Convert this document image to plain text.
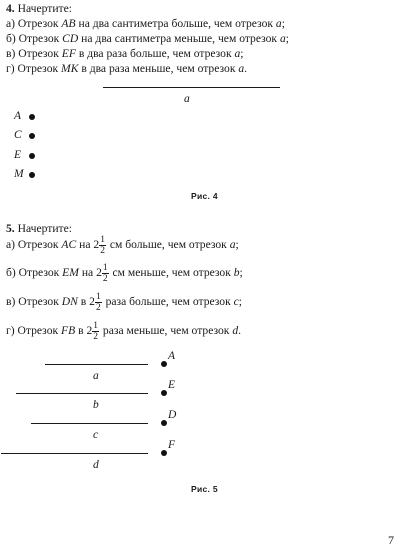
4. Начертите:
а) Отрезок AB на два сантиметра больше, чем отрезок a;
б) Отрезок CD на два сантиметра меньше, чем отрезок a;
в) Отрезок EF в два раза больше, чем отрезок a;
г) Отрезок MK в два раза меньше, чем отрезок a.
a
A
C
E
M
Рис. 4
5. Начертите:
а) Отрезок AC на $2 \frac{1}{2}$ см больше, чем отрезок a;
б) Отрезок EM на $2 \frac{1}{2}$ см меньше, чем отрезок b;
в) Отрезок DN в $2 \frac{1}{2}$ раза больше, чем отрезок c;
г) Отрезок FB в $2 \frac{1}{2}$ раза меньше, чем отрезок d.
a
A
b
E
c
D
d
F
Рис. 5
7
